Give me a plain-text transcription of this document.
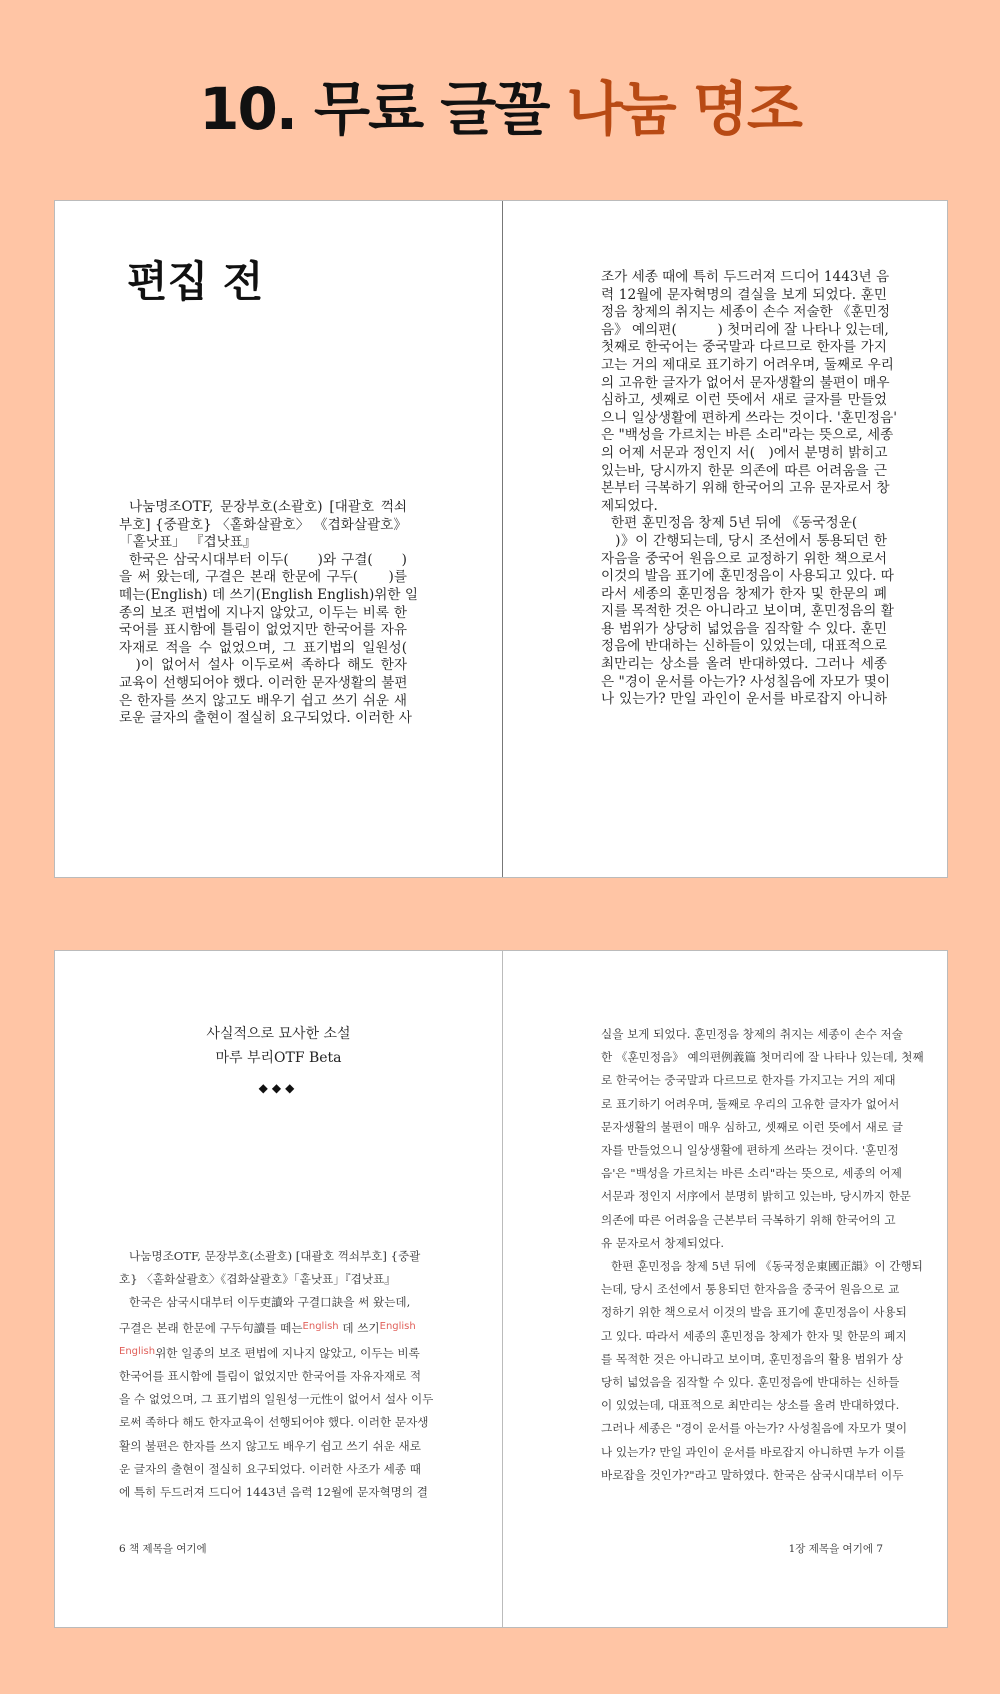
10. 무료 글꼴 나눔 명조
편집 전
나눔명조OTF, 문장부호(소괄호) [대괄호 꺽쇠
부호] {중괄호} 〈홑화살괄호〉 《겹화살괄호》
「홑낫표」 『겹낫표』
한국은 삼국시대부터 이두(　　)와 구결(　　)
을 써 왔는데, 구결은 본래 한문에 구두(　　)를
떼는(English) 데 쓰기(English English)위한 일
종의 보조 편법에 지나지 않았고, 이두는 비록 한
국어를 표시함에 틀림이 없었지만 한국어를 자유
자재로 적을 수 없었으며, 그 표기법의 일원성(
　)이 없어서 설사 이두로써 족하다 해도 한자
교육이 선행되어야 했다. 이러한 문자생활의 불편
은 한자를 쓰지 않고도 배우기 쉽고 쓰기 쉬운 새
로운 글자의 출현이 절실히 요구되었다. 이러한 사
조가 세종 때에 특히 두드러져 드디어 1443년 음
력 12월에 문자혁명의 결실을 보게 되었다. 훈민
정음 창제의 취지는 세종이 손수 저술한 《훈민정
음》 예의편(　　　) 첫머리에 잘 나타나 있는데,
첫째로 한국어는 중국말과 다르므로 한자를 가지
고는 거의 제대로 표기하기 어려우며, 둘째로 우리
의 고유한 글자가 없어서 문자생활의 불편이 매우
심하고, 셋째로 이런 뜻에서 새로 글자를 만들었
으니 일상생활에 편하게 쓰라는 것이다. '훈민정음'
은 "백성을 가르치는 바른 소리"라는 뜻으로, 세종
의 어제 서문과 정인지 서(　)에서 분명히 밝히고
있는바, 당시까지 한문 의존에 따른 어려움을 근
본부터 극복하기 위해 한국어의 고유 문자로서 창
제되었다.
한편 훈민정음 창제 5년 뒤에 《동국정운(
　)》이 간행되는데, 당시 조선에서 통용되던 한
자음을 중국어 원음으로 교정하기 위한 책으로서
이것의 발음 표기에 훈민정음이 사용되고 있다. 따
라서 세종의 훈민정음 창제가 한자 및 한문의 폐
지를 목적한 것은 아니라고 보이며, 훈민정음의 활
용 범위가 상당히 넓었음을 짐작할 수 있다. 훈민
정음에 반대하는 신하들이 있었는데, 대표적으로
최만리는 상소를 올려 반대하였다. 그러나 세종
은 "경이 운서를 아는가? 사성칠음에 자모가 몇이
나 있는가? 만일 과인이 운서를 바로잡지 아니하
사실적으로 묘사한 소설
마루 부리OTF Beta
◆◆◆
나눔명조OTF, 문장부호(소괄호) [대괄호 꺽쇠부호] {중괄
호} 〈홑화살괄호〉《겹화살괄호》「홑낫표」『겹낫표』
한국은 삼국시대부터 이두吏讀와 구결口訣을 써 왔는데,
구결은 본래 한문에 구두句讀를 떼는English 데 쓰기English
English위한 일종의 보조 편법에 지나지 않았고, 이두는 비록
한국어를 표시함에 틀림이 없었지만 한국어를 자유자재로 적
을 수 없었으며, 그 표기법의 일원성一元性이 없어서 설사 이두
로써 족하다 해도 한자교육이 선행되어야 했다. 이러한 문자생
활의 불편은 한자를 쓰지 않고도 배우기 쉽고 쓰기 쉬운 새로
운 글자의 출현이 절실히 요구되었다. 이러한 사조가 세종 때
에 특히 두드러져 드디어 1443년 음력 12월에 문자혁명의 결
실을 보게 되었다. 훈민정음 창제의 취지는 세종이 손수 저술
한 《훈민정음》 예의편例義篇 첫머리에 잘 나타나 있는데, 첫째
로 한국어는 중국말과 다르므로 한자를 가지고는 거의 제대
로 표기하기 어려우며, 둘째로 우리의 고유한 글자가 없어서
문자생활의 불편이 매우 심하고, 셋째로 이런 뜻에서 새로 글
자를 만들었으니 일상생활에 편하게 쓰라는 것이다. '훈민정
음'은 "백성을 가르치는 바른 소리"라는 뜻으로, 세종의 어제
서문과 정인지 서序에서 분명히 밝히고 있는바, 당시까지 한문
의존에 따른 어려움을 근본부터 극복하기 위해 한국어의 고
유 문자로서 창제되었다.
한편 훈민정음 창제 5년 뒤에 《동국정운東國正韻》이 간행되
는데, 당시 조선에서 통용되던 한자음을 중국어 원음으로 교
정하기 위한 책으로서 이것의 발음 표기에 훈민정음이 사용되
고 있다. 따라서 세종의 훈민정음 창제가 한자 및 한문의 폐지
를 목적한 것은 아니라고 보이며, 훈민정음의 활용 범위가 상
당히 넓었음을 짐작할 수 있다. 훈민정음에 반대하는 신하들
이 있었는데, 대표적으로 최만리는 상소를 올려 반대하였다.
그러나 세종은 "경이 운서를 아는가? 사성칠음에 자모가 몇이
나 있는가? 만일 과인이 운서를 바로잡지 아니하면 누가 이를
바로잡을 것인가?"라고 말하였다. 한국은 삼국시대부터 이두
6 책 제목을 여기에	1장 제목을 여기에 7
